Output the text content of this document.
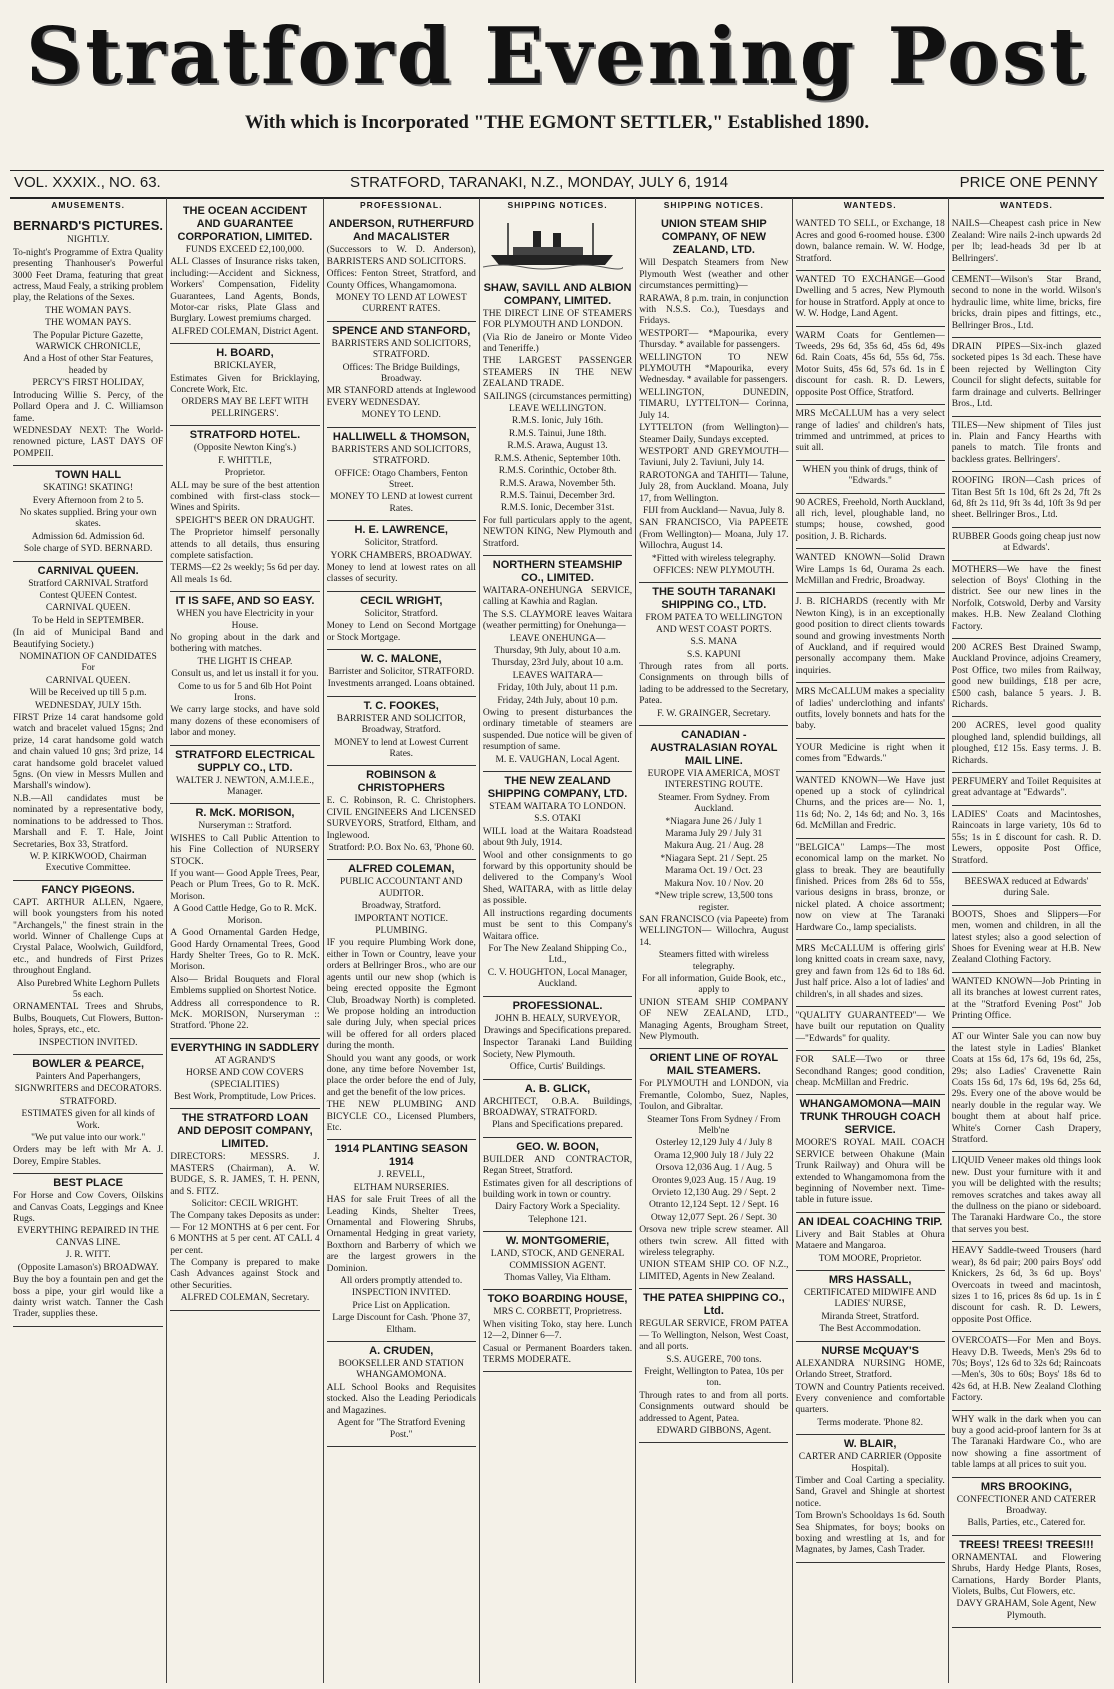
Stratford Evening Post
With which is Incorporated "THE EGMONT SETTLER," Established 1890.
VOL. XXXIX., NO. 63.	STRATFORD, TARANAKI, N.Z., MONDAY, JULY 6, 1914	PRICE ONE PENNY
AMUSEMENTS.
BERNARD'S PICTURES.
NIGHTLY.
To-night's Programme of Extra Quality presenting Thanhouser's Powerful 3000 Feet Drama, featuring that great actress, Maud Fealy, a striking problem play, the Relations of the Sexes.
THE WOMAN PAYS.
THE WOMAN PAYS.
The Popular Picture Gazette, WARWICK CHRONICLE,
And a Host of other Star Features, headed by
PERCY'S FIRST HOLIDAY,
Introducing Willie S. Percy, of the Pollard Opera and J. C. Williamson fame.
WEDNESDAY NEXT: The World-renowned picture, LAST DAYS OF POMPEII.
TOWN HALL
SKATING! SKATING!
Every Afternoon from 2 to 5.
No skates supplied. Bring your own skates.
Admission 6d. Admission 6d.
Sole charge of SYD. BERNARD.
CARNIVAL QUEEN.
Stratford CARNIVAL Stratford
Contest QUEEN Contest.
CARNIVAL QUEEN.
To be Held in SEPTEMBER.
(In aid of Municipal Band and Beautifying Society.)
NOMINATION OF CANDIDATES For
CARNIVAL QUEEN.
Will be Received up till 5 p.m.
WEDNESDAY, JULY 15th.
FIRST Prize 14 carat handsome gold watch and bracelet valued 15gns; 2nd prize, 14 carat handsome gold watch and chain valued 10 gns; 3rd prize, 14 carat handsome gold bracelet valued 5gns. (On view in Messrs Mullen and Marshall's window).
N.B.—All candidates must be nominated by a representative body, nominations to be addressed to Thos. Marshall and F. T. Hale, Joint Secretaries, Box 33, Stratford.
W. P. KIRKWOOD, Chairman Executive Committee.
FANCY PIGEONS.
CAPT. ARTHUR ALLEN, Ngaere, will book youngsters from his noted "Archangels," the finest strain in the world. Winner of Challenge Cups at Crystal Palace, Woolwich, Guildford, etc., and hundreds of First Prizes throughout England.
Also Purebred White Leghorn Pullets 5s each.
ORNAMENTAL Trees and Shrubs, Bulbs, Bouquets, Cut Flowers, Button-holes, Sprays, etc., etc.
INSPECTION INVITED.
BOWLER & PEARCE,
Painters And Paperhangers,
SIGNWRITERS and DECORATORS.
STRATFORD.
ESTIMATES given for all kinds of Work.
"We put value into our work."
Orders may be left with Mr A. J. Dorey, Empire Stables.
BEST PLACE
For Horse and Cow Covers, Oilskins and Canvas Coats, Leggings and Knee Rugs.
EVERYTHING REPAIRED IN THE CANVAS LINE.
J. R. WITT.
(Opposite Lamason's) BROADWAY.
Buy the boy a fountain pen and get the boss a pipe, your girl would like a dainty wrist watch. Tanner the Cash Trader, supplies these.
THE OCEAN ACCIDENT AND GUARANTEE CORPORATION, LIMITED.
FUNDS EXCEED £2,100,000.
ALL Classes of Insurance risks taken, including:—Accident and Sickness, Workers' Compensation, Fidelity Guarantees, Land Agents, Bonds, Motor-car risks, Plate Glass and Burglary. Lowest premiums charged.
ALFRED COLEMAN, District Agent.
H. BOARD,
BRICKLAYER,
Estimates Given for Bricklaying, Concrete Work, Etc.
ORDERS MAY BE LEFT WITH PELLRINGERS'.
STRATFORD HOTEL.
(Opposite Newton King's.)
F. WHITTLE,
Proprietor.
ALL may be sure of the best attention combined with first-class stock—Wines and Spirits.
SPEIGHT'S BEER ON DRAUGHT.
The Proprietor himself personally attends to all details, thus ensuring complete satisfaction.
TERMS—£2 2s weekly; 5s 6d per day. All meals 1s 6d.
IT IS SAFE, AND SO EASY.
WHEN you have Electricity in your House.
No groping about in the dark and bothering with matches.
THE LIGHT IS CHEAP.
Consult us, and let us install it for you.
Come to us for 5 and 6lb Hot Point Irons.
We carry large stocks, and have sold many dozens of these economisers of labor and money.
STRATFORD ELECTRICAL SUPPLY CO., LTD.
WALTER J. NEWTON, A.M.I.E.E., Manager.
R. McK. MORISON,
Nurseryman :: Stratford.
WISHES to Call Public Attention to his Fine Collection of NURSERY STOCK.
If you want— Good Apple Trees, Pear, Peach or Plum Trees, Go to R. McK. Morison.
A Good Cattle Hedge, Go to R. McK. Morison.
A Good Ornamental Garden Hedge, Good Hardy Ornamental Trees, Good Hardy Shelter Trees, Go to R. McK. Morison.
Also— Bridal Bouquets and Floral Emblems supplied on Shortest Notice.
Address all correspondence to R. McK. MORISON, Nurseryman :: Stratford. 'Phone 22.
EVERYTHING IN SADDLERY
AT AGRAND'S
HORSE AND COW COVERS (SPECIALITIES)
Best Work, Promptitude, Low Prices.
THE STRATFORD LOAN AND DEPOSIT COMPANY, LIMITED.
DIRECTORS: MESSRS. J. MASTERS (Chairman), A. W. BUDGE, S. R. JAMES, T. H. PENN, and S. FITZ.
Solicitor: CECIL WRIGHT.
The Company takes Deposits as under:— For 12 MONTHS at 6 per cent. For 6 MONTHS at 5 per cent. AT CALL 4 per cent.
The Company is prepared to make Cash Advances against Stock and other Securities.
ALFRED COLEMAN, Secretary.
PROFESSIONAL.
ANDERSON, RUTHERFURD And MACALISTER
(Successors to W. D. Anderson), BARRISTERS AND SOLICITORS.
Offices: Fenton Street, Stratford, and County Offices, Whangamomona.
MONEY TO LEND AT LOWEST CURRENT RATES.
SPENCE AND STANFORD,
BARRISTERS AND SOLICITORS, STRATFORD.
Offices: The Bridge Buildings, Broadway.
MR STANFORD attends at Inglewood EVERY WEDNESDAY.
MONEY TO LEND.
HALLIWELL & THOMSON,
BARRISTERS AND SOLICITORS, STRATFORD.
OFFICE: Otago Chambers, Fenton Street.
MONEY TO LEND at lowest current Rates.
H. E. LAWRENCE,
Solicitor, Stratford.
YORK CHAMBERS, BROADWAY.
Money to lend at lowest rates on all classes of security.
CECIL WRIGHT,
Solicitor, Stratford.
Money to Lend on Second Mortgage or Stock Mortgage.
W. C. MALONE,
Barrister and Solicitor, STRATFORD.
Investments arranged. Loans obtained.
T. C. FOOKES,
BARRISTER AND SOLICITOR, Broadway, Stratford.
MONEY to lend at Lowest Current Rates.
ROBINSON & CHRISTOPHERS
E. C. Robinson, R. C. Christophers. CIVIL ENGINEERS And LICENSED SURVEYORS, Stratford, Eltham, and Inglewood.
Stratford: P.O. Box No. 63, 'Phone 60.
ALFRED COLEMAN,
PUBLIC ACCOUNTANT AND AUDITOR.
Broadway, Stratford.
IMPORTANT NOTICE.
PLUMBING.
IF you require Plumbing Work done, either in Town or Country, leave your orders at Bellringer Bros., who are our agents until our new shop (which is being erected opposite the Egmont Club, Broadway North) is completed. We propose holding an introduction sale during July, when special prices will be offered for all orders placed during the month.
Should you want any goods, or work done, any time before November 1st, place the order before the end of July, and get the benefit of the low prices.
THE NEW PLUMBING AND BICYCLE CO., Licensed Plumbers, Etc.
1914 PLANTING SEASON 1914
J. REVELL,
ELTHAM NURSERIES.
HAS for sale Fruit Trees of all the Leading Kinds, Shelter Trees, Ornamental and Flowering Shrubs, Ornamental Hedging in great variety, Boxthorn and Barberry of which we are the largest growers in the Dominion.
All orders promptly attended to.
INSPECTION INVITED.
Price List on Application.
Large Discount for Cash. 'Phone 37, Eltham.
A. CRUDEN,
BOOKSELLER AND STATION WHANGAMOMONA.
ALL School Books and Requisites stocked. Also the Leading Periodicals and Magazines.
Agent for "The Stratford Evening Post."
SHIPPING NOTICES.
SHAW, SAVILL AND ALBION COMPANY, LIMITED.
THE DIRECT LINE OF STEAMERS FOR PLYMOUTH AND LONDON.
(Via Rio de Janeiro or Monte Video and Teneriffe.)
THE LARGEST PASSENGER STEAMERS IN THE NEW ZEALAND TRADE.
SAILINGS (circumstances permitting)
LEAVE WELLINGTON.
R.M.S. Ionic, July 16th.
R.M.S. Tainui, June 18th.
R.M.S. Arawa, August 13.
R.M.S. Athenic, September 10th.
R.M.S. Corinthic, October 8th.
R.M.S. Arawa, November 5th.
R.M.S. Tainui, December 3rd.
R.M.S. Ionic, December 31st.
For full particulars apply to the agent, NEWTON KING, New Plymouth and Stratford.
NORTHERN STEAMSHIP CO., LIMITED.
WAITARA-ONEHUNGA SERVICE, calling at Kawhia and Raglan.
The S.S. CLAYMORE leaves Waitara (weather permitting) for Onehunga—
LEAVE ONEHUNGA—
Thursday, 9th July, about 10 a.m.
Thursday, 23rd July, about 10 a.m.
LEAVES WAITARA—
Friday, 10th July, about 11 p.m.
Friday, 24th July, about 10 p.m.
Owing to present disturbances the ordinary timetable of steamers are suspended. Due notice will be given of resumption of same.
M. E. VAUGHAN, Local Agent.
THE NEW ZEALAND SHIPPING COMPANY, LTD.
STEAM WAITARA TO LONDON.
S.S. OTAKI
WILL load at the Waitara Roadstead about 9th July, 1914.
Wool and other consignments to go forward by this opportunity should be delivered to the Company's Wool Shed, WAITARA, with as little delay as possible.
All instructions regarding documents must be sent to this Company's Waitara office.
For The New Zealand Shipping Co., Ltd.,
C. V. HOUGHTON, Local Manager, Auckland.
PROFESSIONAL.
JOHN B. HEALY, SURVEYOR,
Drawings and Specifications prepared.
Inspector Taranaki Land Building Society, New Plymouth.
Office, Curtis' Buildings.
A. B. GLICK,
ARCHITECT, O.B.A. Buildings, BROADWAY, STRATFORD.
Plans and Specifications prepared.
GEO. W. BOON,
BUILDER AND CONTRACTOR, Regan Street, Stratford.
Estimates given for all descriptions of building work in town or country.
Dairy Factory Work a Speciality.
Telephone 121.
W. MONTGOMERIE,
LAND, STOCK, AND GENERAL COMMISSION AGENT.
Thomas Valley, Via Eltham.
TOKO BOARDING HOUSE,
MRS C. CORBETT, Proprietress.
When visiting Toko, stay here. Lunch 12—2, Dinner 6—7.
Casual or Permanent Boarders taken. TERMS MODERATE.
SHIPPING NOTICES.
UNION STEAM SHIP COMPANY, OF NEW ZEALAND, LTD.
Will Despatch Steamers from New Plymouth West (weather and other circumstances permitting)—
RARAWA, 8 p.m. train, in conjunction with N.S.S. Co.), Tuesdays and Fridays.
WESTPORT— *Mapourika, every Thursday. * available for passengers.
WELLINGTON TO NEW PLYMOUTH *Mapourika, every Wednesday. * available for passengers.
WELLINGTON, DUNEDIN, TIMARU, LYTTELTON— Corinna, July 14.
LYTTELTON (from Wellington)— Steamer Daily, Sundays excepted.
WESTPORT AND GREYMOUTH— Taviuni, July 2. Taviuni, July 14.
RAROTONGA and TAHITI— Talune, July 28, from Auckland. Moana, July 17, from Wellington.
FIJI from Auckland— Navua, July 8.
SAN FRANCISCO, Via PAPEETE (From Wellington)— Moana, July 17. Willochra, August 14.
*Fitted with wireless telegraphy.
OFFICES: NEW PLYMOUTH.
THE SOUTH TARANAKI SHIPPING CO., LTD.
FROM PATEA TO WELLINGTON AND WEST COAST PORTS.
S.S. MANA
S.S. KAPUNI
Through rates from all ports. Consignments on through bills of lading to be addressed to the Secretary, Patea.
F. W. GRAINGER, Secretary.
CANADIAN - AUSTRALASIAN ROYAL MAIL LINE.
EUROPE VIA AMERICA, MOST INTERESTING ROUTE.
Steamer. From Sydney. From Auckland.
*Niagara June 26 / July 1
Marama July 29 / July 31
Makura Aug. 21 / Aug. 28
*Niagara Sept. 21 / Sept. 25
Marama Oct. 19 / Oct. 23
Makura Nov. 10 / Nov. 20
*New triple screw, 13,500 tons register.
SAN FRANCISCO (via Papeete) from WELLINGTON— Willochra, August 14.
Steamers fitted with wireless telegraphy.
For all information, Guide Book, etc., apply to
UNION STEAM SHIP COMPANY OF NEW ZEALAND, LTD., Managing Agents, Brougham Street, New Plymouth.
ORIENT LINE OF ROYAL MAIL STEAMERS.
For PLYMOUTH and LONDON, via Fremantle, Colombo, Suez, Naples, Toulon, and Gibraltar.
Steamer Tons From Sydney / From Melb'ne
Osterley 12,129 July 4 / July 8
Orama 12,900 July 18 / July 22
Orsova 12,036 Aug. 1 / Aug. 5
Orontes 9,023 Aug. 15 / Aug. 19
Orvieto 12,130 Aug. 29 / Sept. 2
Otranto 12,124 Sept. 12 / Sept. 16
Otway 12,077 Sept. 26 / Sept. 30
Orsova new triple screw steamer. All others twin screw. All fitted with wireless telegraphy.
UNION STEAM SHIP CO. OF N.Z., LIMITED, Agents in New Zealand.
THE PATEA SHIPPING CO., Ltd.
REGULAR SERVICE, FROM PATEA— To Wellington, Nelson, West Coast, and all ports.
S.S. AUGERE, 700 tons.
Freight, Wellington to Patea, 10s per ton.
Through rates to and from all ports. Consignments outward should be addressed to Agent, Patea.
EDWARD GIBBONS, Agent.
WANTEDS.
WANTED TO SELL, or Exchange, 18 Acres and good 6-roomed house. £300 down, balance remain. W. W. Hodge, Stratford.
WANTED TO EXCHANGE—Good Dwelling and 5 acres, New Plymouth for house in Stratford. Apply at once to W. W. Hodge, Land Agent.
WARM Coats for Gentlemen— Tweeds, 29s 6d, 35s 6d, 45s 6d, 49s 6d. Rain Coats, 45s 6d, 55s 6d, 75s. Motor Suits, 45s 6d, 57s 6d. 1s in £ discount for cash. R. D. Lewers, opposite Post Office, Stratford.
MRS McCALLUM has a very select range of ladies' and children's hats, trimmed and untrimmed, at prices to suit all.
WHEN you think of drugs, think of "Edwards."
90 ACRES, Freehold, North Auckland, all rich, level, ploughable land, no stumps; house, cowshed, good position, J. B. Richards.
WANTED KNOWN—Solid Drawn Wire Lamps 1s 6d, Ourama 2s each. McMillan and Fredric, Broadway.
J. B. RICHARDS (recently with Mr Newton King), is in an exceptionally good position to direct clients towards sound and growing investments North of Auckland, and if required would personally accompany them. Make inquiries.
MRS McCALLUM makes a speciality of ladies' underclothing and infants' outfits, lovely bonnets and hats for the baby.
YOUR Medicine is right when it comes from "Edwards."
WANTED KNOWN—We Have just opened up a stock of cylindrical Churns, and the prices are— No. 1, 11s 6d; No. 2, 14s 6d; and No. 3, 16s 6d. McMillan and Fredric.
"BELGICA" Lamps—The most economical lamp on the market. No glass to break. They are beautifully finished. Prices from 28s 6d to 55s, various designs in brass, bronze, or nickel plated. A choice assortment; now on view at The Taranaki Hardware Co., lamp specialists.
MRS McCALLUM is offering girls' long knitted coats in cream saxe, navy, grey and fawn from 12s 6d to 18s 6d. Just half price. Also a lot of ladies' and children's, in all shades and sizes.
"QUALITY GUARANTEED"— We have built our reputation on Quality—"Edwards" for quality.
FOR SALE—Two or three Secondhand Ranges; good condition, cheap. McMillan and Fredric.
WHANGAMOMONA—MAIN TRUNK THROUGH COACH SERVICE.
MOORE'S ROYAL MAIL COACH SERVICE between Ohakune (Main Trunk Railway) and Ohura will be extended to Whangamomona from the beginning of November next. Time-table in future issue.
AN IDEAL COACHING TRIP.
Livery and Bait Stables at Ohura Mataere and Mangaroa.
TOM MOORE, Proprietor.
MRS HASSALL,
CERTIFICATED MIDWIFE AND LADIES' NURSE,
Miranda Street, Stratford.
The Best Accommodation.
NURSE McQUAY'S
ALEXANDRA NURSING HOME, Orlando Street, Stratford.
TOWN and Country Patients received. Every convenience and comfortable quarters.
Terms moderate. 'Phone 82.
W. BLAIR,
CARTER AND CARRIER (Opposite Hospital).
Timber and Coal Carting a speciality. Sand, Gravel and Shingle at shortest notice.
Tom Brown's Schooldays 1s 6d. South Sea Shipmates, for boys; books on boxing and wrestling at 1s, and for Magnates, by James, Cash Trader.
WANTEDS.
NAILS—Cheapest cash price in New Zealand: Wire nails 2-inch upwards 2d per lb; lead-heads 3d per lb at Bellringers'.
CEMENT—Wilson's Star Brand, second to none in the world. Wilson's hydraulic lime, white lime, bricks, fire bricks, drain pipes and fittings, etc., Bellringer Bros., Ltd.
DRAIN PIPES—Six-inch glazed socketed pipes 1s 3d each. These have been rejected by Wellington City Council for slight defects, suitable for farm drainage and culverts. Bellringer Bros., Ltd.
TILES—New shipment of Tiles just in. Plain and Fancy Hearths with panels to match. Tile fronts and backless grates. Bellringers'.
ROOFING IRON—Cash prices of Titan Best 5ft 1s 10d, 6ft 2s 2d, 7ft 2s 6d, 8ft 2s 11d, 9ft 3s 4d, 10ft 3s 9d per sheet. Bellringer Bros., Ltd.
RUBBER Goods going cheap just now at Edwards'.
MOTHERS—We have the finest selection of Boys' Clothing in the district. See our new lines in the Norfolk, Cotswold, Derby and Varsity makes. H.B. New Zealand Clothing Factory.
200 ACRES Best Drained Swamp, Auckland Province, adjoins Creamery, Post Office, two miles from Railway, good new buildings, £18 per acre, £500 cash, balance 5 years. J. B. Richards.
200 ACRES, level good quality ploughed land, splendid buildings, all ploughed, £12 15s. Easy terms. J. B. Richards.
PERFUMERY and Toilet Requisites at great advantage at "Edwards".
LADIES' Coats and Macintoshes, Raincoats in large variety, 10s 6d to 55s; 1s in £ discount for cash. R. D. Lewers, opposite Post Office, Stratford.
BEESWAX reduced at Edwards' during Sale.
BOOTS, Shoes and Slippers—For men, women and children, in all the latest styles; also a good selection of Shoes for Evening wear at H.B. New Zealand Clothing Factory.
WANTED KNOWN—Job Printing in all its branches at lowest current rates, at the "Stratford Evening Post" Job Printing Office.
AT our Winter Sale you can now buy the latest style in Ladies' Blanket Coats at 15s 6d, 17s 6d, 19s 6d, 25s, 29s; also Ladies' Cravenette Rain Coats 15s 6d, 17s 6d, 19s 6d, 25s 6d, 29s. Every one of the above would be nearly double in the regular way. We bought them at about half price. White's Corner Cash Drapery, Stratford.
LIQUID Veneer makes old things look new. Dust your furniture with it and you will be delighted with the results; removes scratches and takes away all the dullness on the piano or sideboard. The Taranaki Hardware Co., the store that serves you best.
HEAVY Saddle-tweed Trousers (hard wear), 8s 6d pair; 200 pairs Boys' odd Knickers, 2s 6d, 3s 6d up. Boys' Overcoats in tweed and macintosh, sizes 1 to 16, prices 8s 6d up. 1s in £ discount for cash. R. D. Lewers, opposite Post Office.
OVERCOATS—For Men and Boys. Heavy D.B. Tweeds, Men's 29s 6d to 70s; Boys', 12s 6d to 32s 6d; Raincoats—Men's, 30s to 60s; Boys' 18s 6d to 42s 6d, at H.B. New Zealand Clothing Factory.
WHY walk in the dark when you can buy a good acid-proof lantern for 3s at The Taranaki Hardware Co., who are now showing a fine assortment of table lamps at all prices to suit you.
MRS BROOKING,
CONFECTIONER AND CATERER Broadway.
Balls, Parties, etc., Catered for.
TREES! TREES! TREES!!!
ORNAMENTAL and Flowering Shrubs, Hardy Hedge Plants, Roses, Carnations, Hardy Border Plants, Violets, Bulbs, Cut Flowers, etc.
DAVY GRAHAM, Sole Agent, New Plymouth.
